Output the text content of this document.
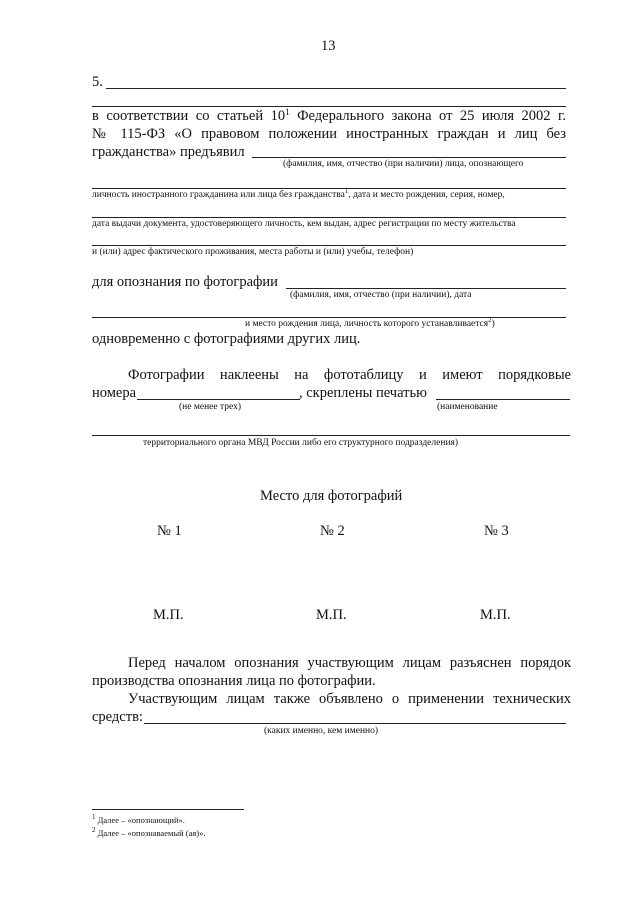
13
5.
в соответствии со статьей $10^1$ Федерального закона от 25 июля 2002 г.
№ 115-ФЗ «О правовом положении иностранных граждан и лиц без
гражданства» предъявил
(фамилия, имя, отчество (при наличии) лица, опознающего
личность иностранного гражданина или лица без гражданства$^1$, дата и место рождения, серия, номер,
дата выдачи документа, удостоверяющего личность, кем выдан, адрес регистрации по месту жительства
и (или) адрес фактического проживания, места работы и (или) учебы, телефон)
для опознания по фотографии
(фамилия, имя, отчество (при наличии), дата
и место рождения лица, личность которого устанавливается$^2$)
одновременно с фотографиями других лиц.
Фотографии наклеены на фототаблицу и имеют порядковые
номера	, скреплены печатью
(не менее трех)	(наименование
территориального органа МВД России либо его структурного подразделения)
Место для фотографий
№ 1	№ 2	№ 3
М.П.	М.П.	М.П.
Перед началом опознания участвующим лицам разъяснен порядок
производства опознания лица по фотографии.
Участвующим лицам также объявлено о применении технических
средств:
(каких именно, кем именно)
$^1$ Далее – «опознающий».
$^2$ Далее – «опознаваемый (ая)».
